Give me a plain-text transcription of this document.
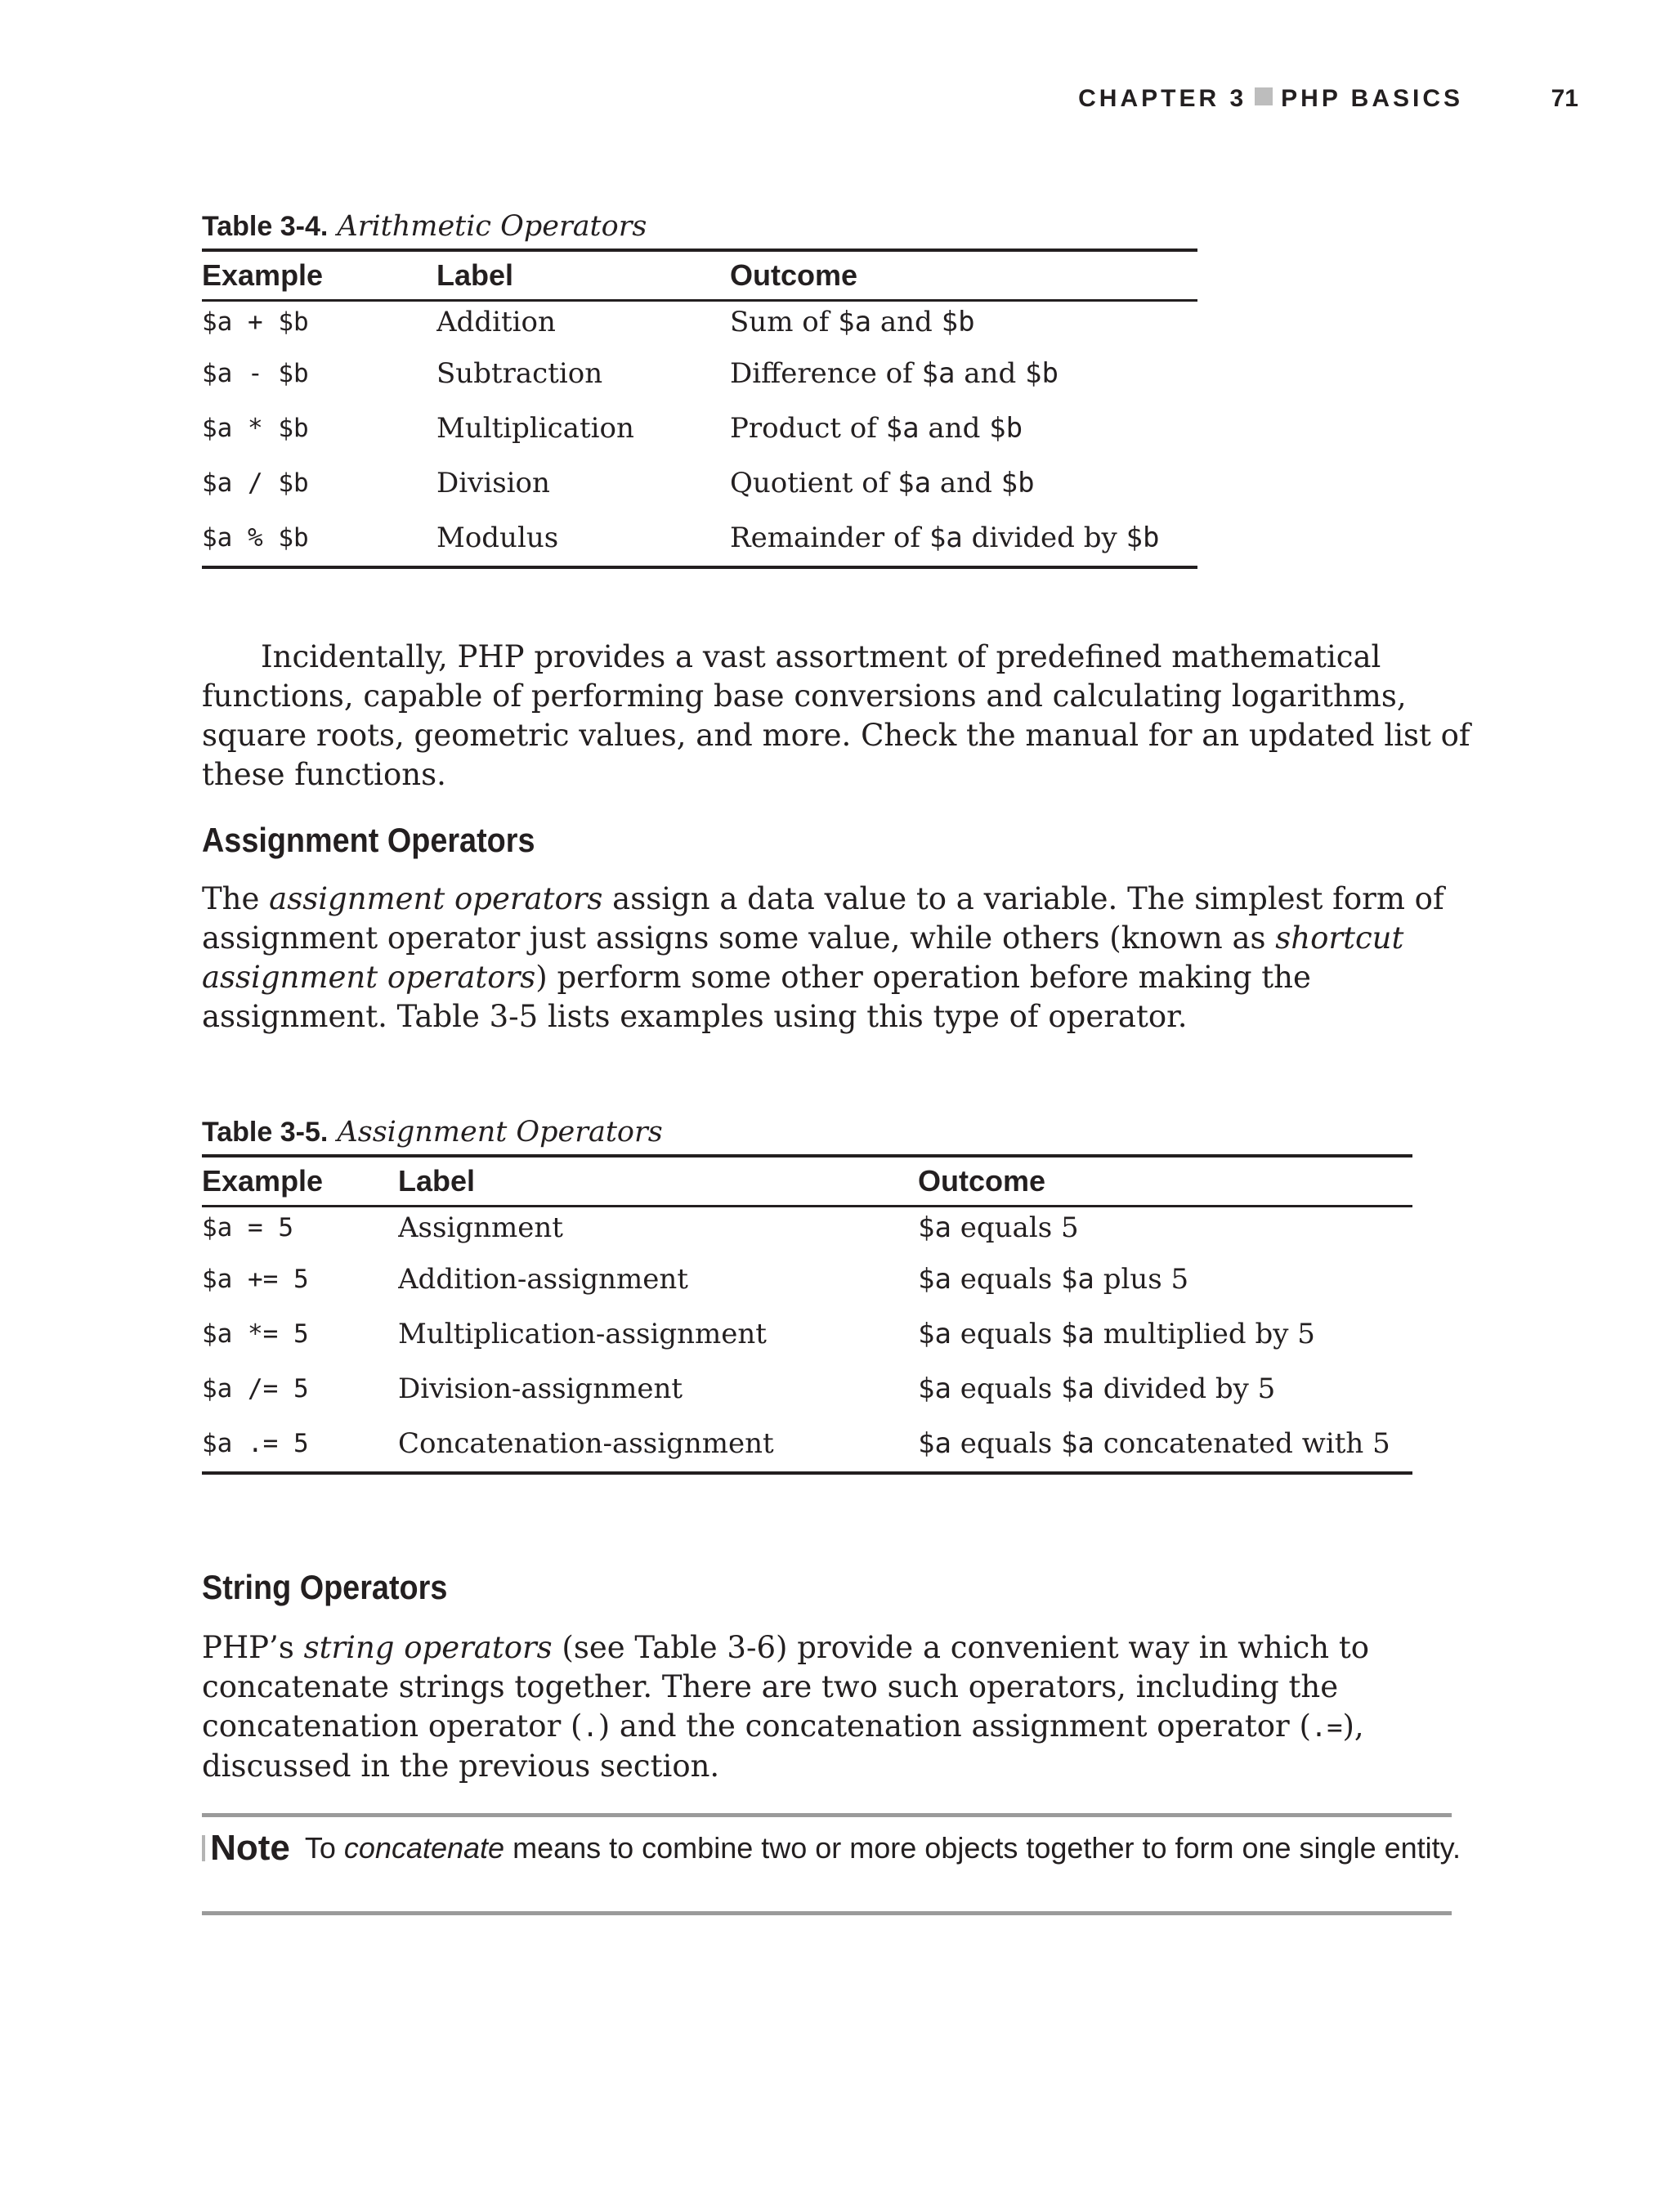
CHAPTER 3 PHP BASICS	71
Table 3-4. Arithmetic Operators
Example	Label	Outcome
$a + $b	Addition	Sum of $a and $b
$a - $b	Subtraction	Difference of $a and $b
$a * $b	Multiplication	Product of $a and $b
$a / $b	Division	Quotient of $a and $b
$a % $b	Modulus	Remainder of $a divided by $b

Incidentally, PHP provides a vast assortment of predefined mathematical functions, capable of performing base conversions and calculating logarithms, square roots, geometric values, and more. Check the manual for an updated list of these functions.

Assignment Operators

The assignment operators assign a data value to a variable. The simplest form of assignment operator just assigns some value, while others (known as shortcut assignment operators) perform some other operation before making the assignment. Table 3-5 lists examples using this type of operator.

Table 3-5. Assignment Operators
Example	Label	Outcome
$a = 5	Assignment	$a equals 5
$a += 5	Addition-assignment	$a equals $a plus 5
$a *= 5	Multiplication-assignment	$a equals $a multiplied by 5
$a /= 5	Division-assignment	$a equals $a divided by 5
$a .= 5	Concatenation-assignment	$a equals $a concatenated with 5
String Operators

PHP’s string operators (see Table 3-6) provide a convenient way in which to concatenate strings together. There are two such operators, including the concatenation operator (.) and the concatenation assignment operator (.=), discussed in the previous section.

Note To concatenate means to combine two or more objects together to form one single entity.
